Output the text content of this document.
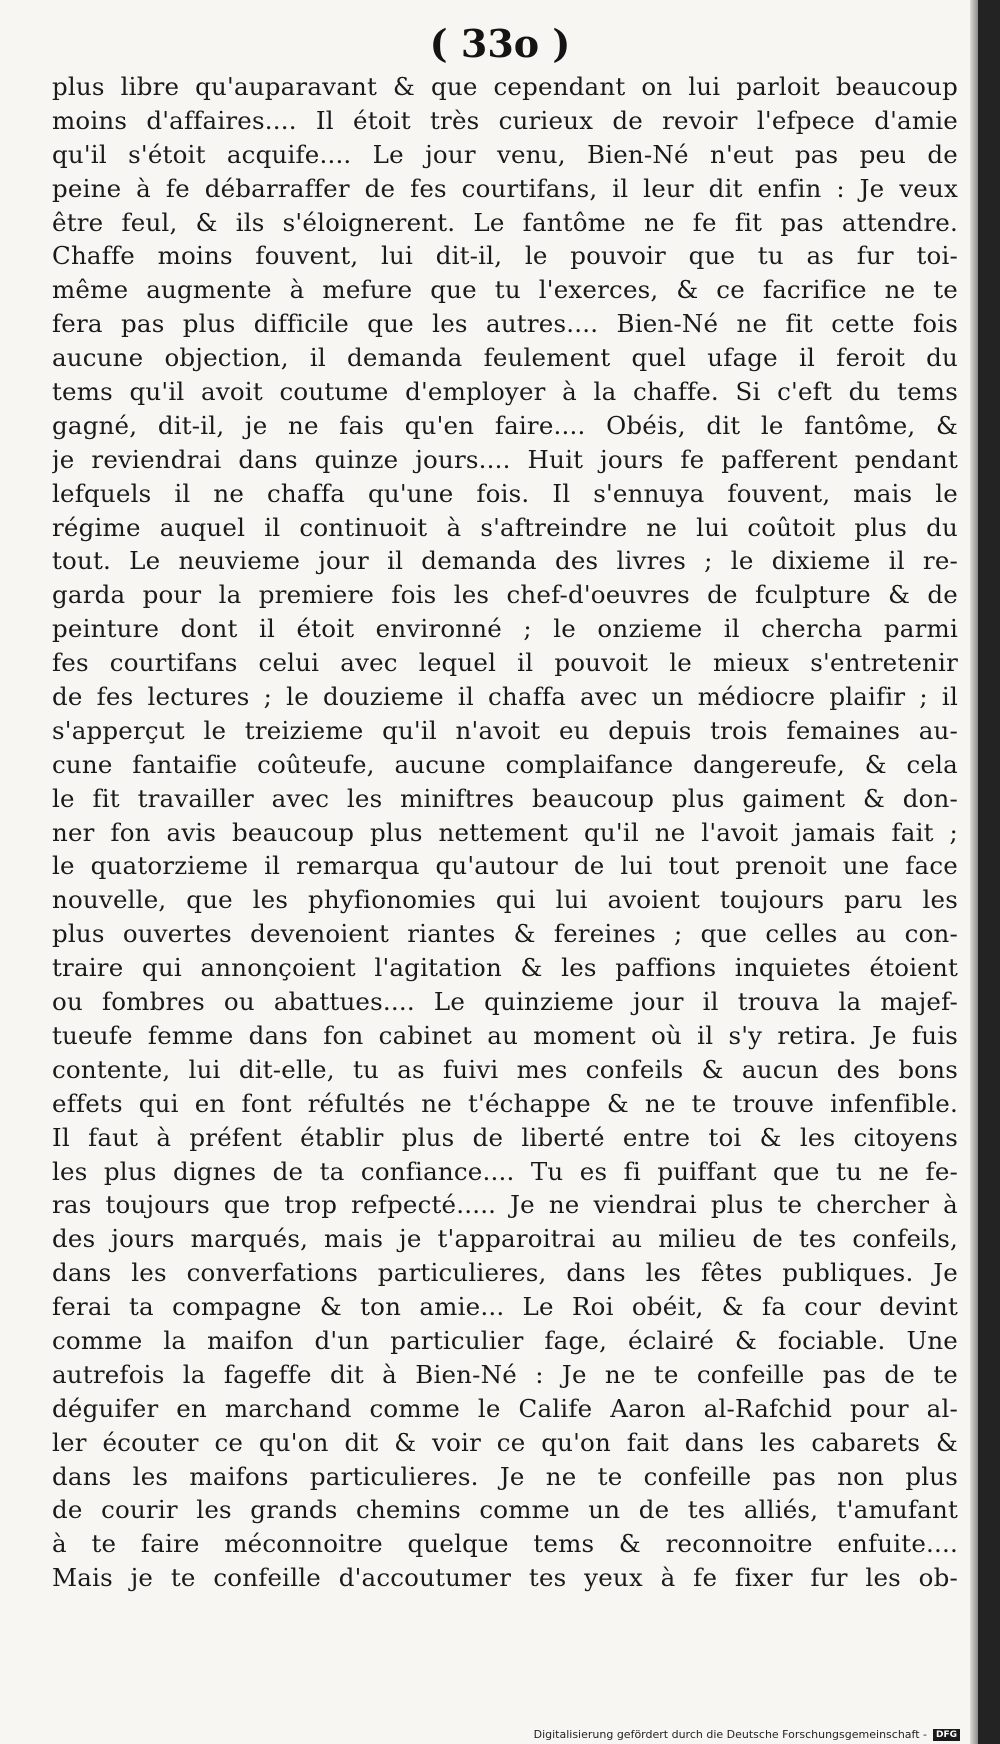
( 33o )
plus libre qu'auparavant & que cependant on lui parloit beaucoup
moins d'affaires.... Il étoit très curieux de revoir l'efpece d'amie
qu'il s'étoit acquife.... Le jour venu, Bien-Né n'eut pas peu de
peine à fe débarraffer de fes courtifans, il leur dit enfin : Je veux
être feul, & ils s'éloignerent. Le fantôme ne fe fit pas attendre.
Chaffe moins fouvent, lui dit-il, le pouvoir que tu as fur toi-
même augmente à mefure que tu l'exerces, & ce facrifice ne te
fera pas plus difficile que les autres.... Bien-Né ne fit cette fois
aucune objection, il demanda feulement quel ufage il feroit du
tems qu'il avoit coutume d'employer à la chaffe. Si c'eft du tems
gagné, dit-il, je ne fais qu'en faire.... Obéis, dit le fantôme, &
je reviendrai dans quinze jours.... Huit jours fe pafferent pendant
lefquels il ne chaffa qu'une fois. Il s'ennuya fouvent, mais le
régime auquel il continuoit à s'aftreindre ne lui coûtoit plus du
tout. Le neuvieme jour il demanda des livres ; le dixieme il re-
garda pour la premiere fois les chef-d'oeuvres de fculpture & de
peinture dont il étoit environné ; le onzieme il chercha parmi
fes courtifans celui avec lequel il pouvoit le mieux s'entretenir
de fes lectures ; le douzieme il chaffa avec un médiocre plaifir ; il
s'apperçut le treizieme qu'il n'avoit eu depuis trois femaines au-
cune fantaifie coûteufe, aucune complaifance dangereufe, & cela
le fit travailler avec les miniftres beaucoup plus gaiment & don-
ner fon avis beaucoup plus nettement qu'il ne l'avoit jamais fait ;
le quatorzieme il remarqua qu'autour de lui tout prenoit une face
nouvelle, que les phyfionomies qui lui avoient toujours paru les
plus ouvertes devenoient riantes & fereines ; que celles au con-
traire qui annonçoient l'agitation & les paffions inquietes étoient
ou fombres ou abattues.... Le quinzieme jour il trouva la majef-
tueufe femme dans fon cabinet au moment où il s'y retira. Je fuis
contente, lui dit-elle, tu as fuivi mes confeils & aucun des bons
effets qui en font réfultés ne t'échappe & ne te trouve infenfible.
Il faut à préfent établir plus de liberté entre toi & les citoyens
les plus dignes de ta confiance.... Tu es fi puiffant que tu ne fe-
ras toujours que trop refpecté..... Je ne viendrai plus te chercher à
des jours marqués, mais je t'apparoitrai au milieu de tes confeils,
dans les converfations particulieres, dans les fêtes publiques. Je
ferai ta compagne & ton amie... Le Roi obéit, & fa cour devint
comme la maifon d'un particulier fage, éclairé & fociable. Une
autrefois la fageffe dit à Bien-Né : Je ne te confeille pas de te
déguifer en marchand comme le Calife Aaron al-Rafchid pour al-
ler écouter ce qu'on dit & voir ce qu'on fait dans les cabarets &
dans les maifons particulieres. Je ne te confeille pas non plus
de courir les grands chemins comme un de tes alliés, t'amufant
à te faire méconnoitre quelque tems & reconnoitre enfuite....
Mais je te confeille d'accoutumer tes yeux à fe fixer fur les ob-
Digitalisierung gefördert durch die Deutsche Forschungsgemeinschaft -	DFG
